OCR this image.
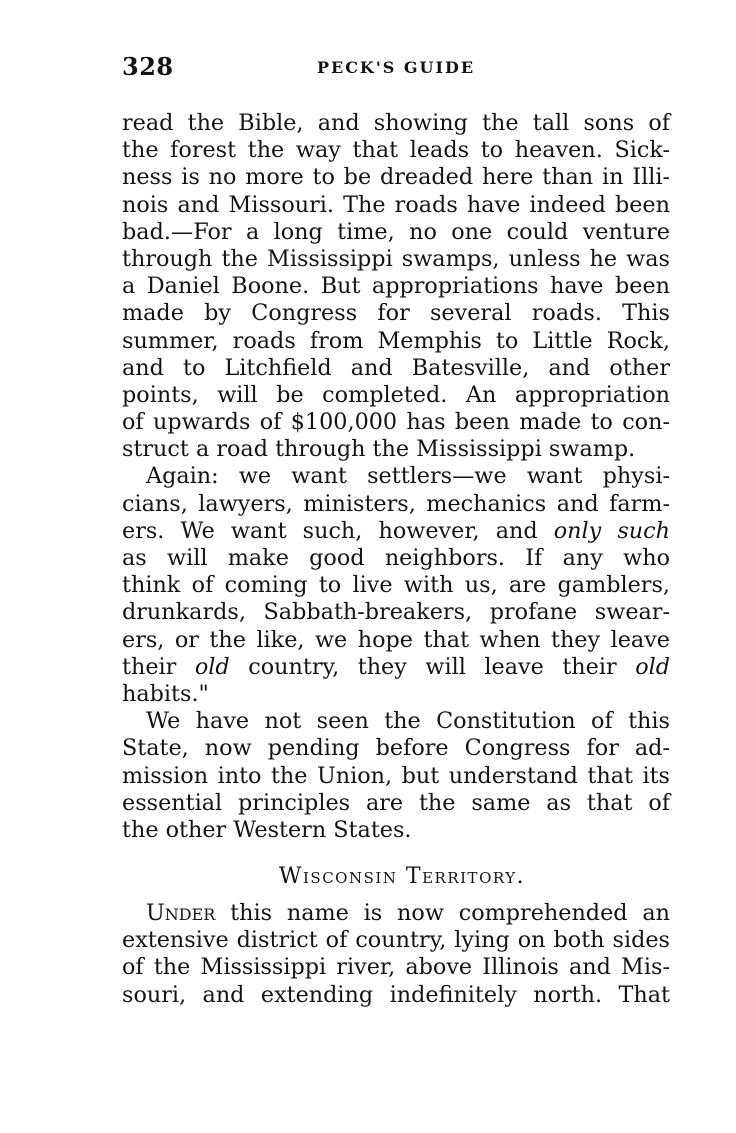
328	PECK'S GUIDE
read the Bible, and showing the tall sons of
the forest the way that leads to heaven. Sick-
ness is no more to be dreaded here than in Illi-
nois and Missouri. The roads have indeed been
bad.—For a long time, no one could venture
through the Mississippi swamps, unless he was
a Daniel Boone. But appropriations have been
made by Congress for several roads. This
summer, roads from Memphis to Little Rock,
and to Litchfield and Batesville, and other
points, will be completed. An appropriation
of upwards of $100,000 has been made to con-
struct a road through the Mississippi swamp.
Again: we want settlers—we want physi-
cians, lawyers, ministers, mechanics and farm-
ers. We want such, however, and only such
as will make good neighbors. If any who
think of coming to live with us, are gamblers,
drunkards, Sabbath-breakers, profane swear-
ers, or the like, we hope that when they leave
their old country, they will leave their old
habits."
We have not seen the Constitution of this
State, now pending before Congress for ad-
mission into the Union, but understand that its
essential principles are the same as that of
the other Western States.
Wisconsin Territory.
Under this name is now comprehended an
extensive district of country, lying on both sides
of the Mississippi river, above Illinois and Mis-
souri, and extending indefinitely north. That
